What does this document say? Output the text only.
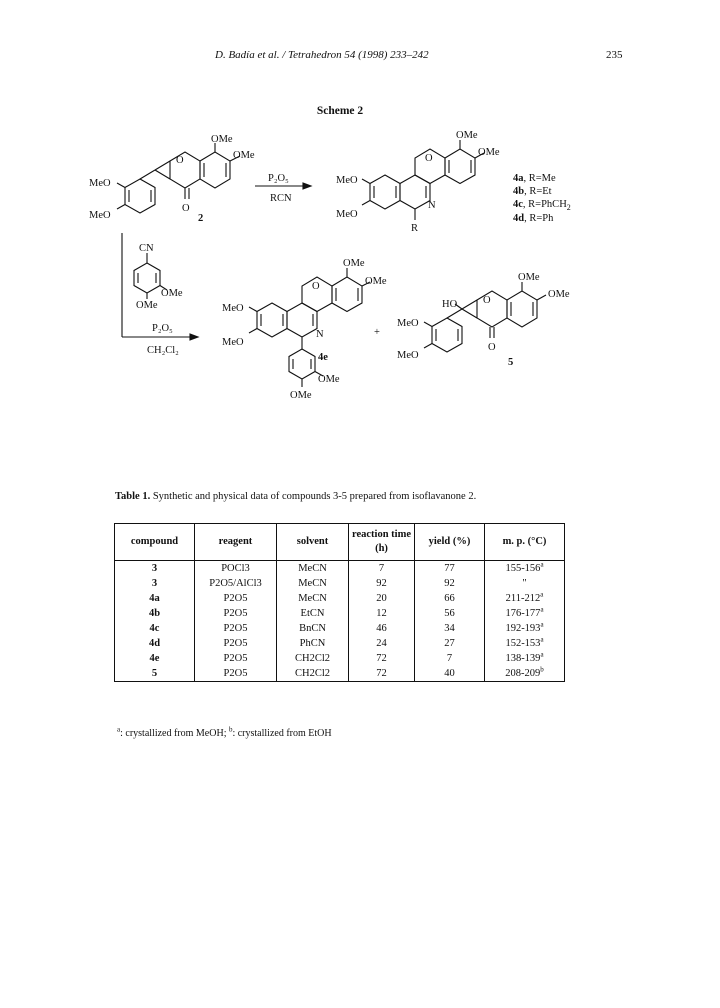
D. Badía et al. / Tetrahedron 54 (1998) 233–242	235
Scheme 2
OMe
OMe
MeO
MeO
O
O
2
P₂O₅
RCN
OMe
OMe
MeO
MeO
O
N
R
4a, R=Me
4b, R=Et
4c, R=PhCH$_2$
4d, R=Ph
P₂O₅
CH₂Cl₂
CN
OMe
OMe
OMe
OMe
MeO
MeO
O
N
OMe
OMe
4e
+
OMe
OMe
MeO
MeO
O
HO
O
5
Table 1. Synthetic and physical data of compounds 3-5 prepared from isoflavanone 2.
compound	reagent	solvent	reaction time (h)	yield (%)	m. p. (°C)
3	POCl3	MeCN	7	77	155-156$^a$
3	P2O5/AlCl3	MeCN	92	92	"
4a	P2O5	MeCN	20	66	211-212$^a$
4b	P2O5	EtCN	12	56	176-177$^a$
4c	P2O5	BnCN	46	34	192-193$^a$
4d	P2O5	PhCN	24	27	152-153$^a$
4e	P2O5	CH2Cl2	72	7	138-139$^a$
5	P2O5	CH2Cl2	72	40	208-209$^b$
$^a$: crystallized from MeOH; $^b$: crystallized from EtOH
